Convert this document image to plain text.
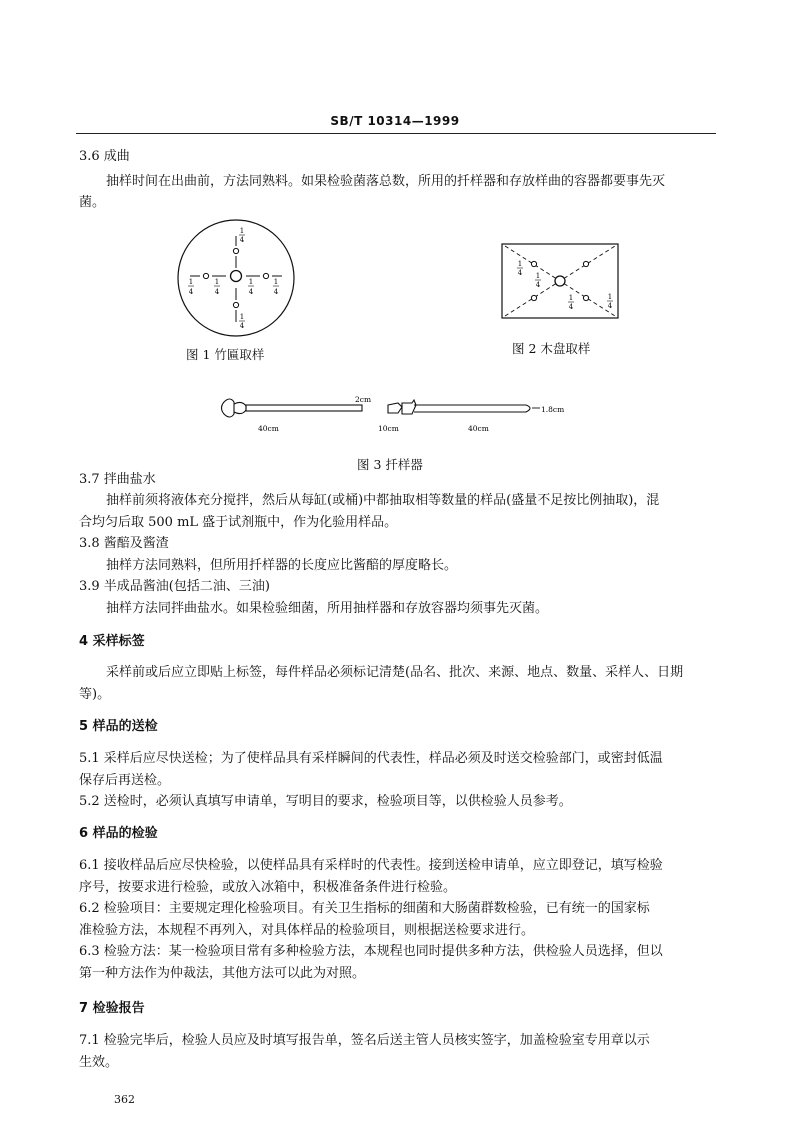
SB/T 10314—1999
3.6 成曲
抽样时间在出曲前，方法同熟料。如果检验菌落总数，所用的扦样器和存放样曲的容器都要事先灭
菌。
1
4
1
4
1
4
1
4
1
4
1
4
图 1 竹匾取样
1
4 1
4
1
4
1
4
图 2 木盘取样
40cm
2cm
10cm	40cm
1.8cm
图 3 扦样器
3.7 拌曲盐水
抽样前须将液体充分搅拌，然后从每缸(或桶)中都抽取相等数量的样品(盛量不足按比例抽取)，混
合均匀后取 500 mL 盛于试剂瓶中，作为化验用样品。
3.8 酱醅及酱渣
抽样方法同熟料，但所用扦样器的长度应比酱醅的厚度略长。
3.9 半成品酱油(包括二油、三油)
抽样方法同拌曲盐水。如果检验细菌，所用抽样器和存放容器均须事先灭菌。
4 采样标签
采样前或后应立即贴上标签，每件样品必须标记清楚(品名、批次、来源、地点、数量、采样人、日期
等)。
5 样品的送检
5.1 采样后应尽快送检；为了使样品具有采样瞬间的代表性，样品必须及时送交检验部门，或密封低温
保存后再送检。
5.2 送检时，必须认真填写申请单，写明目的要求，检验项目等，以供检验人员参考。
6 样品的检验
6.1 接收样品后应尽快检验，以使样品具有采样时的代表性。接到送检申请单，应立即登记，填写检验
序号，按要求进行检验，或放入冰箱中，积极准备条件进行检验。
6.2 检验项目：主要规定理化检验项目。有关卫生指标的细菌和大肠菌群数检验，已有统一的国家标
准检验方法，本规程不再列入，对具体样品的检验项目，则根据送检要求进行。
6.3 检验方法：某一检验项目常有多种检验方法，本规程也同时提供多种方法，供检验人员选择，但以
第一种方法作为仲裁法，其他方法可以此为对照。
7 检验报告
7.1 检验完毕后，检验人员应及时填写报告单，签名后送主管人员核实签字，加盖检验室专用章以示
生效。
362
